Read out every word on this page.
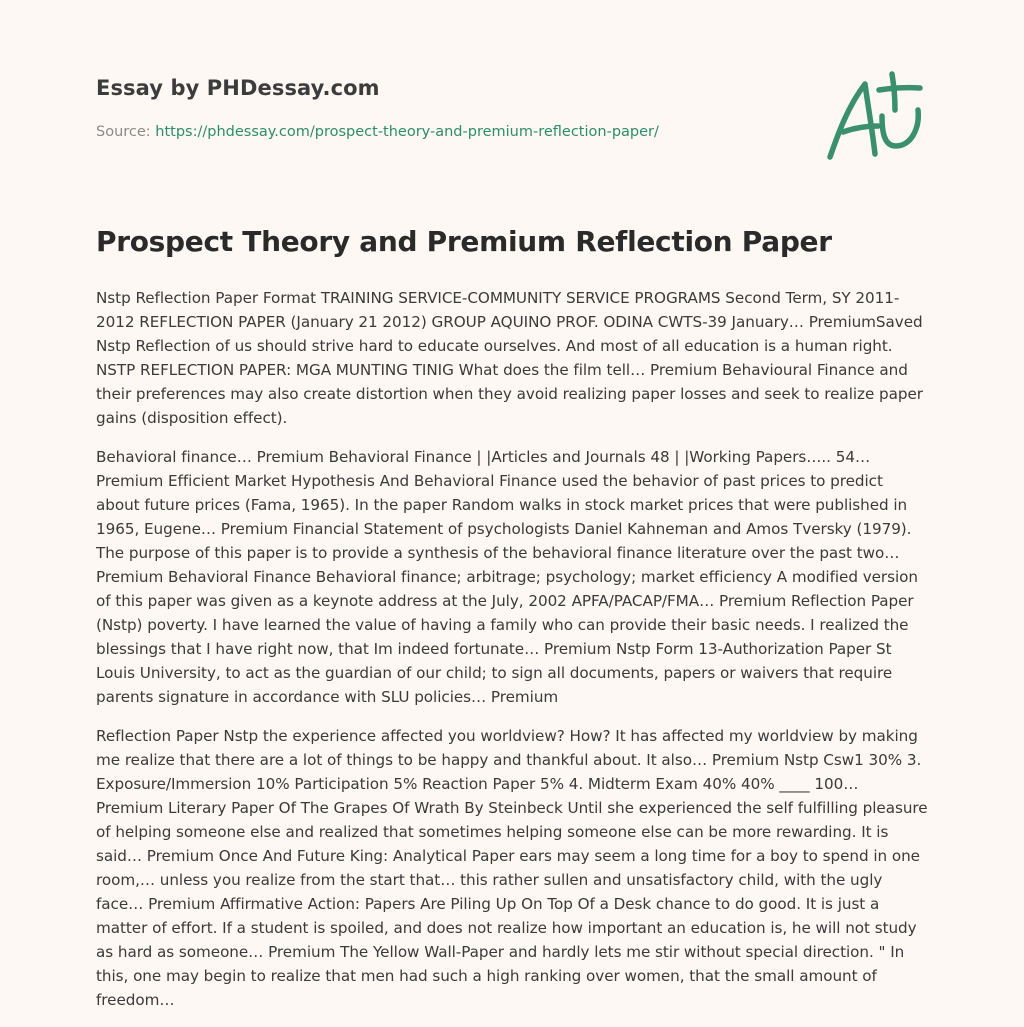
Essay by PHDessay.com
Source: https://phdessay.com/prospect-theory-and-premium-reflection-paper/
Prospect Theory and Premium Reflection Paper

Nstp Reflection Paper Format TRAINING SERVICE-COMMUNITY SERVICE PROGRAMS Second Term, SY 2011-2012 REFLECTION PAPER (January 21 2012) GROUP AQUINO PROF. ODINA CWTS-39 January… PremiumSaved Nstp Reflection of us should strive hard to educate ourselves. And most of all education is a human right. NSTP REFLECTION PAPER: MGA MUNTING TINIG What does the film tell… Premium Behavioural Finance and their preferences may also create distortion when they avoid realizing paper losses and seek to realize paper gains (disposition effect).

Behavioral finance… Premium Behavioral Finance | |Articles and Journals 48 | |Working Papers….. 54… Premium Efficient Market Hypothesis And Behavioral Finance used the behavior of past prices to predict about future prices (Fama, 1965). In the paper Random walks in stock market prices that were published in 1965, Eugene… Premium Financial Statement of psychologists Daniel Kahneman and Amos Tversky (1979). The purpose of this paper is to provide a synthesis of the behavioral finance literature over the past two… Premium Behavioral Finance Behavioral finance; arbitrage; psychology; market efficiency A modified version of this paper was given as a keynote address at the July, 2002 APFA/PACAP/FMA… Premium Reflection Paper (Nstp) poverty. I have learned the value of having a family who can provide their basic needs. I realized the blessings that I have right now, that Im indeed fortunate… Premium Nstp Form 13-Authorization Paper St Louis University, to act as the guardian of our child; to sign all documents, papers or waivers that require parents signature in accordance with SLU policies… Premium

Reflection Paper Nstp the experience affected you worldview? How? It has affected my worldview by making me realize that there are a lot of things to be happy and thankful about. It also… Premium Nstp Csw1 30% 3. Exposure/Immersion 10% Participation 5% Reaction Paper 5% 4. Midterm Exam 40% 40% ____ 100… Premium Literary Paper Of The Grapes Of Wrath By Steinbeck Until she experienced the self fulfilling pleasure of helping someone else and realized that sometimes helping someone else can be more rewarding. It is said… Premium Once And Future King: Analytical Paper ears may seem a long time for a boy to spend in one room,… unless you realize from the start that… this rather sullen and unsatisfactory child, with the ugly face… Premium Affirmative Action: Papers Are Piling Up On Top Of a Desk chance to do good. It is just a matter of effort. If a student is spoiled, and does not realize how important an education is, he will not study as hard as someone… Premium The Yellow Wall-Paper and hardly lets me stir without special direction. " In this, one may begin to realize that men had such a high ranking over women, that the small amount of freedom…
